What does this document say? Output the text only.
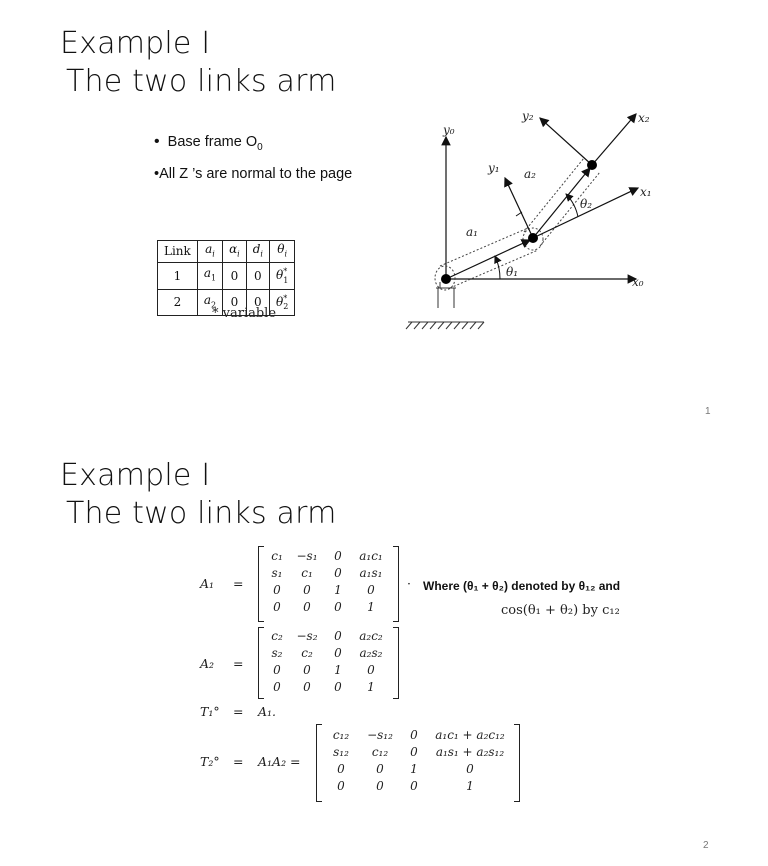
Example I
The two links arm
• Base frame $O_0$
•All Z ’s are normal to the page
Link	$a_i$	$\alpha_i$	$d_i$	$\theta_i$
1	$a_1$	0	0	$\theta^*_1$
2	$a_2$	0	0	$\theta^*_2$
* variable
y₀
x₀
y₁
x₁
y₂	x₂
a₁
a₂
θ₁
θ₂
1
Example I
The two links arm
A₁ =
c₁	−s₁	0	a₁c₁
s₁	c₁	0	a₁s₁
0	0	1	0
0	0	0	1
· Where (θ₁ + θ₂) denoted by θ₁₂ and
cos(θ₁ + θ₂) by c₁₂
A₂ =
c₂	−s₂	0	a₂c₂
s₂	c₂	0	a₂s₂
0	0	1	0
0	0	0	1
T₁° = A₁.
T₂° = A₁A₂ =
c₁₂	−s₁₂	0	a₁c₁ + a₂c₁₂
s₁₂	c₁₂	0	a₁s₁ + a₂s₁₂
0	0	1	0
0	0	0	1
2
